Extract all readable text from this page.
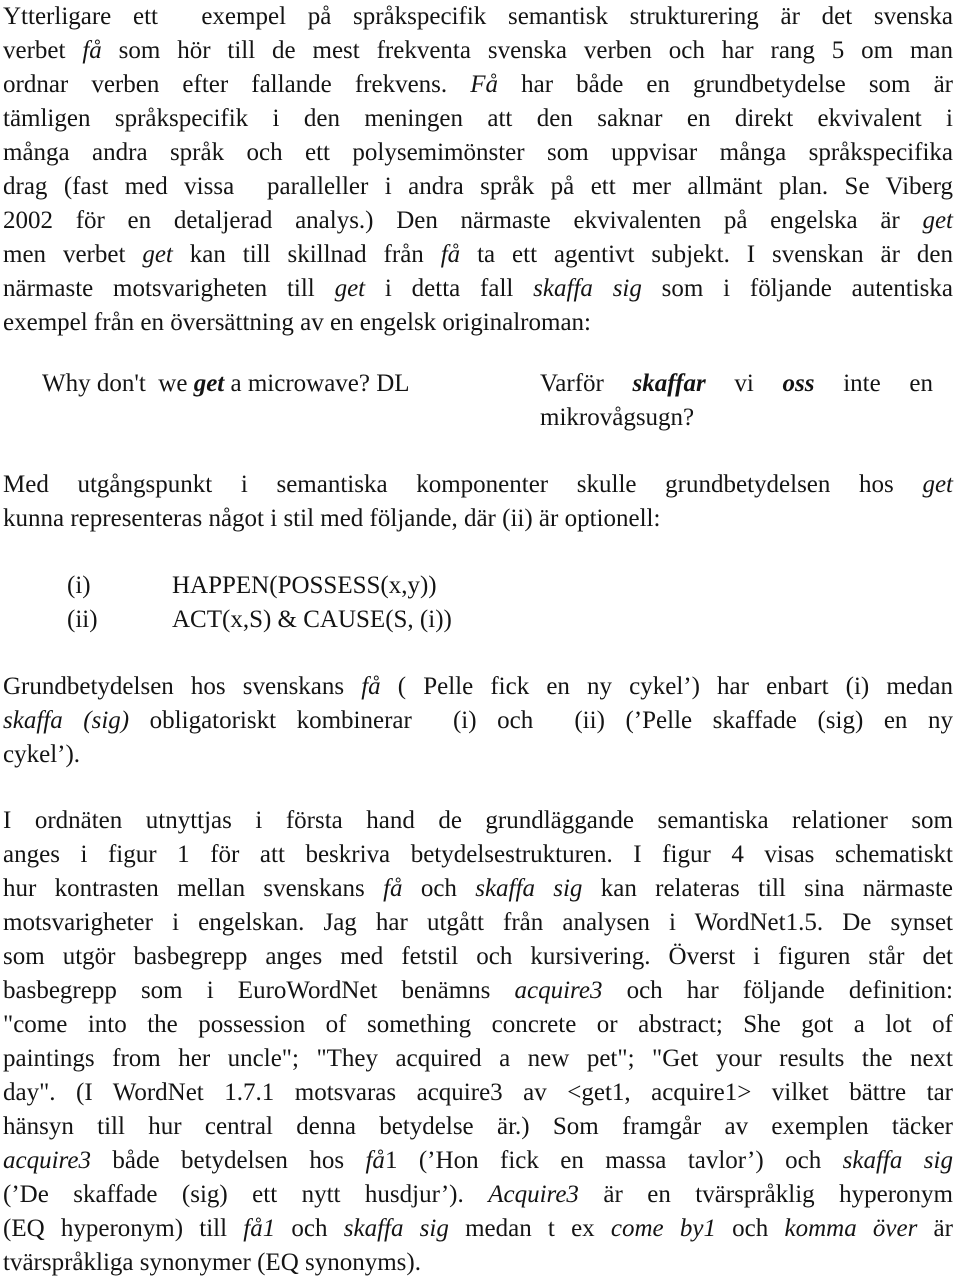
Ytterligare ett  exempel på språkspecifik semantisk strukturering är det svenska
verbet få som hör till de mest frekventa svenska verben och har rang 5 om man
ordnar verben efter fallande frekvens. Få har både en grundbetydelse som är
tämligen språkspecifik i den meningen att den saknar en direkt ekvivalent i
många andra språk och ett polysemimönster som uppvisar många språkspecifika
drag (fast med vissa  paralleller i andra språk på ett mer allmänt plan. Se Viberg
2002 för en detaljerad analys.) Den närmaste ekvivalenten på engelska är get
men verbet get kan till skillnad från få ta ett agentivt subjekt. I svenskan är den
närmaste motsvarigheten till get i detta fall skaffa sig som i följande autentiska
exempel från en översättning av en engelsk originalroman:
Why don't  we get a microwave? DL	Varför skaffar vi oss inte en
mikrovågsugn?
Med utgångspunkt i semantiska komponenter skulle grundbetydelsen hos get
kunna representeras något i stil med följande, där (ii) är optionell:
(i)	HAPPEN(POSSESS(x,y))
(ii)	ACT(x,S) & CAUSE(S, (i))
Grundbetydelsen hos svenskans få ( Pelle fick en ny cykel’) har enbart (i) medan
skaffa (sig) obligatoriskt kombinerar  (i) och  (ii) (’Pelle skaffade (sig) en ny
cykel’).
I ordnäten utnyttjas i första hand de grundläggande semantiska relationer som
anges i figur 1 för att beskriva betydelsestrukturen. I figur 4 visas schematiskt
hur kontrasten mellan svenskans få och skaffa sig kan relateras till sina närmaste
motsvarigheter i engelskan. Jag har utgått från analysen i WordNet1.5. De synset
som utgör basbegrepp anges med fetstil och kursivering. Överst i figuren står det
basbegrepp som i EuroWordNet benämns acquire3 och har följande definition:
"come into the possession of something concrete or abstract; She got a lot of
paintings from her uncle"; "They acquired a new pet"; "Get your results the next
day". (I WordNet 1.7.1 motsvaras acquire3 av <get1, acquire1> vilket bättre tar
hänsyn till hur central denna betydelse är.) Som framgår av exemplen täcker
acquire3 både betydelsen hos få1 (’Hon fick en massa tavlor’) och skaffa sig
(’De skaffade (sig) ett nytt husdjur’). Acquire3 är en tvärspråklig hyperonym
(EQ hyperonym) till få1 och skaffa sig medan t ex come by1 och komma över är
tvärspråkliga synonymer (EQ synonyms).
